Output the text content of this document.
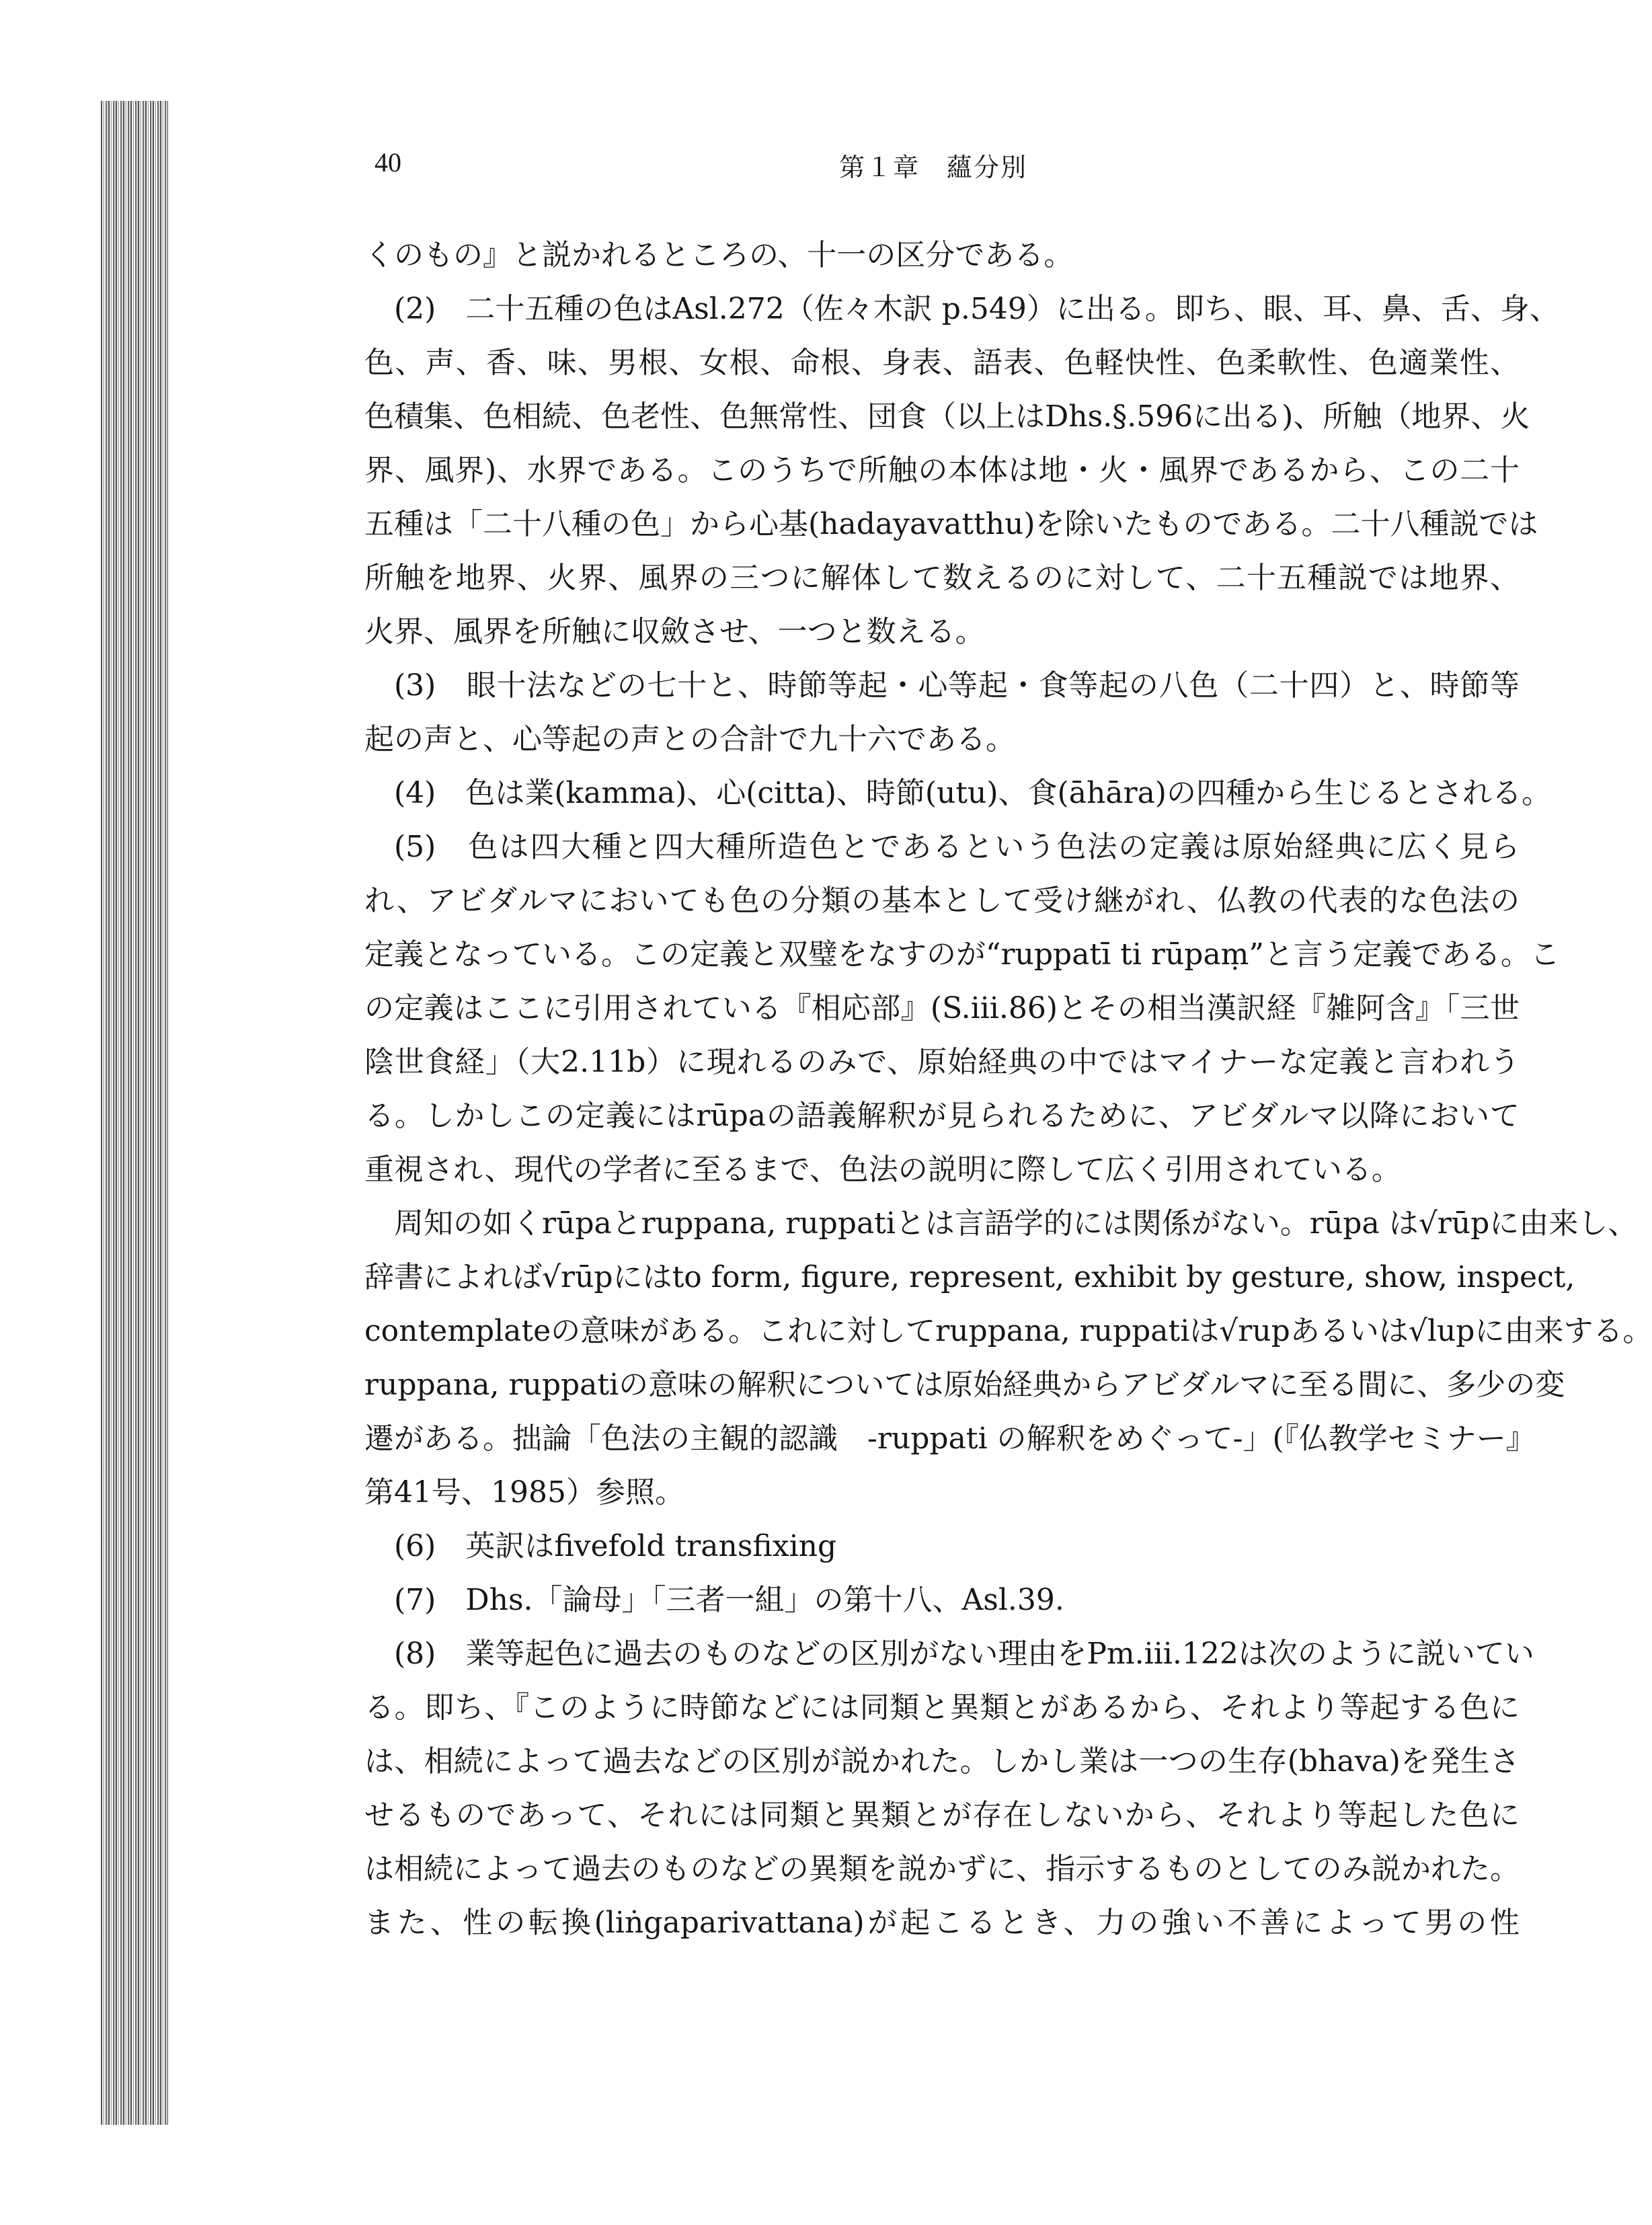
40	第１章　蘊分別
くのもの』と説かれるところの、十一の区分である。
(2)　二十五種の色はAsl.272（佐々木訳 p.549）に出る。即ち、眼、耳、鼻、舌、身、
色、声、香、味、男根、女根、命根、身表、語表、色軽快性、色柔軟性、色適業性、
色積集、色相続、色老性、色無常性、団食（以上はDhs.§.596に出る)、所触（地界、火
界、風界)、水界である。このうちで所触の本体は地・火・風界であるから、この二十
五種は「二十八種の色」から心基(hadayavatthu)を除いたものである。二十八種説では
所触を地界、火界、風界の三つに解体して数えるのに対して、二十五種説では地界、
火界、風界を所触に収斂させ、一つと数える。
(3)　眼十法などの七十と、時節等起・心等起・食等起の八色（二十四）と、時節等
起の声と、心等起の声との合計で九十六である。
(4)　色は業(kamma)、心(citta)、時節(utu)、食(āhāra)の四種から生じるとされる。
(5)　色は四大種と四大種所造色とであるという色法の定義は原始経典に広く見ら
れ、アビダルマにおいても色の分類の基本として受け継がれ、仏教の代表的な色法の
定義となっている。この定義と双璧をなすのが“ruppatī ti rūpaṃ”と言う定義である。こ
の定義はここに引用されている『相応部』(S.iii.86)とその相当漢訳経『雑阿含』「三世
陰世食経」（大2.11b）に現れるのみで、原始経典の中ではマイナーな定義と言われう
る。しかしこの定義にはrūpaの語義解釈が見られるために、アビダルマ以降において
重視され、現代の学者に至るまで、色法の説明に際して広く引用されている。
周知の如くrūpaとruppana, ruppatiとは言語学的には関係がない。rūpa は√rūpに由来し、
辞書によれば√rūpにはto form, figure, represent, exhibit by gesture, show, inspect,
contemplateの意味がある。これに対してruppana, ruppatiは√rupあるいは√lupに由来する。
ruppana, ruppatiの意味の解釈については原始経典からアビダルマに至る間に、多少の変
遷がある。拙論「色法の主観的認識　-ruppati の解釈をめぐって-」(『仏教学セミナー』
第41号、1985）参照。
(6)　英訳はfivefold transfixing
(7)　Dhs.「論母」「三者一組」の第十八、Asl.39.
(8)　業等起色に過去のものなどの区別がない理由をPm.iii.122は次のように説いてい
る。即ち、『このように時節などには同類と異類とがあるから、それより等起する色に
は、相続によって過去などの区別が説かれた。しかし業は一つの生存(bhava)を発生さ
せるものであって、それには同類と異類とが存在しないから、それより等起した色に
は相続によって過去のものなどの異類を説かずに、指示するものとしてのみ説かれた。
また、性の転換(liṅgaparivattana)が起こるとき、力の強い不善によって男の性
